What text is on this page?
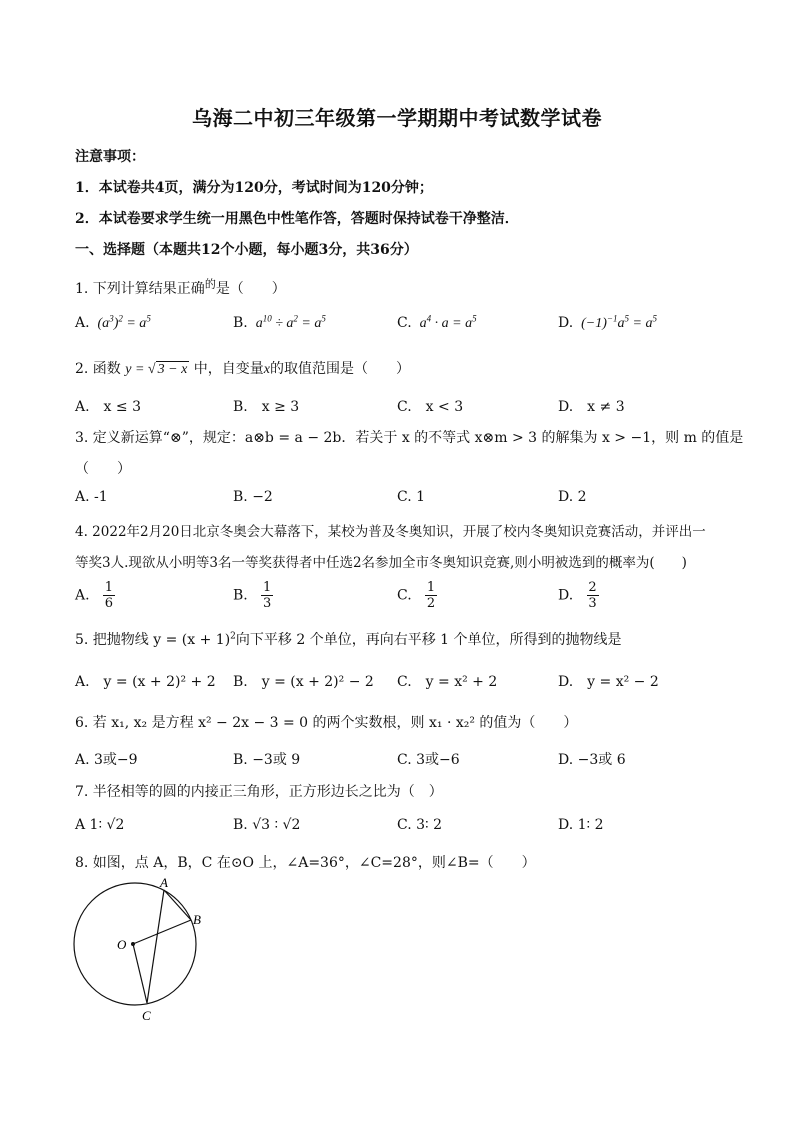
乌海二中初三年级第一学期期中考试数学试卷
注意事项：
1．本试卷共4页，满分为120分，考试时间为120分钟；
2．本试卷要求学生统一用黑色中性笔作答，答题时保持试卷干净整洁．
一、选择题（本题共12个小题，每小题3分，共36分）
1. 下列计算结果正确$^的$是（　　）
A.  $(a^3)^2 = a^5$	B.  $a^{10} \div a^2 = a^5$	C.  $a^4 \cdot a = a^5$	D.  $(-1)^{-1}a^5 = a^5$
2. 函数 y = √ 3 − x 中，自变量x的取值范围是（　　）
A.　x ≤ 3	B.　x ≥ 3	C.　x < 3	D.　x ≠ 3
3. 定义新运算“⊗”，规定：a⊗b = a − 2b．若关于 x 的不等式 x⊗m > 3 的解集为 x > −1，则 m 的值是
（　　）
A. -1	B. −2	C. 1	D. 2
4. 2022年2月20日北京冬奥会大幕落下，某校为普及冬奥知识，开展了校内冬奥知识竞赛活动，并评出一
等奖3人.现欲从小明等3名一等奖获得者中任选2名参加全市冬奥知识竞赛,则小明被选到的概率为(　　)
A. $\frac{1}{6}$	B. $\frac{1}{3}$	C. $\frac{1}{2}$	D. $\frac{2}{3}$
5. 把抛物线 $y = (x + 1)^2$向下平移 2 个单位，再向右平移 1 个单位，所得到的抛物线是
A.　y = (x + 2)² + 2 B.　y = (x + 2)² − 2 C.　y = x² + 2	D.　y = x² − 2
6. 若 x₁, x₂ 是方程 x² − 2x − 3 = 0 的两个实数根，则 x₁ · x₂² 的值为（　　）
A. 3或−9	B. −3或 9	C. 3或−6	D. −3或 6
7. 半径相等的圆的内接正三角形，正方形边长之比为（　）
A 1∶ √2	B. √3 ∶ √2	C. 3∶ 2	D. 1∶ 2
8. 如图，点 A，B，C 在⊙O 上，∠A=36°，∠C=28°，则∠B=（　　）
A
B
C
O
